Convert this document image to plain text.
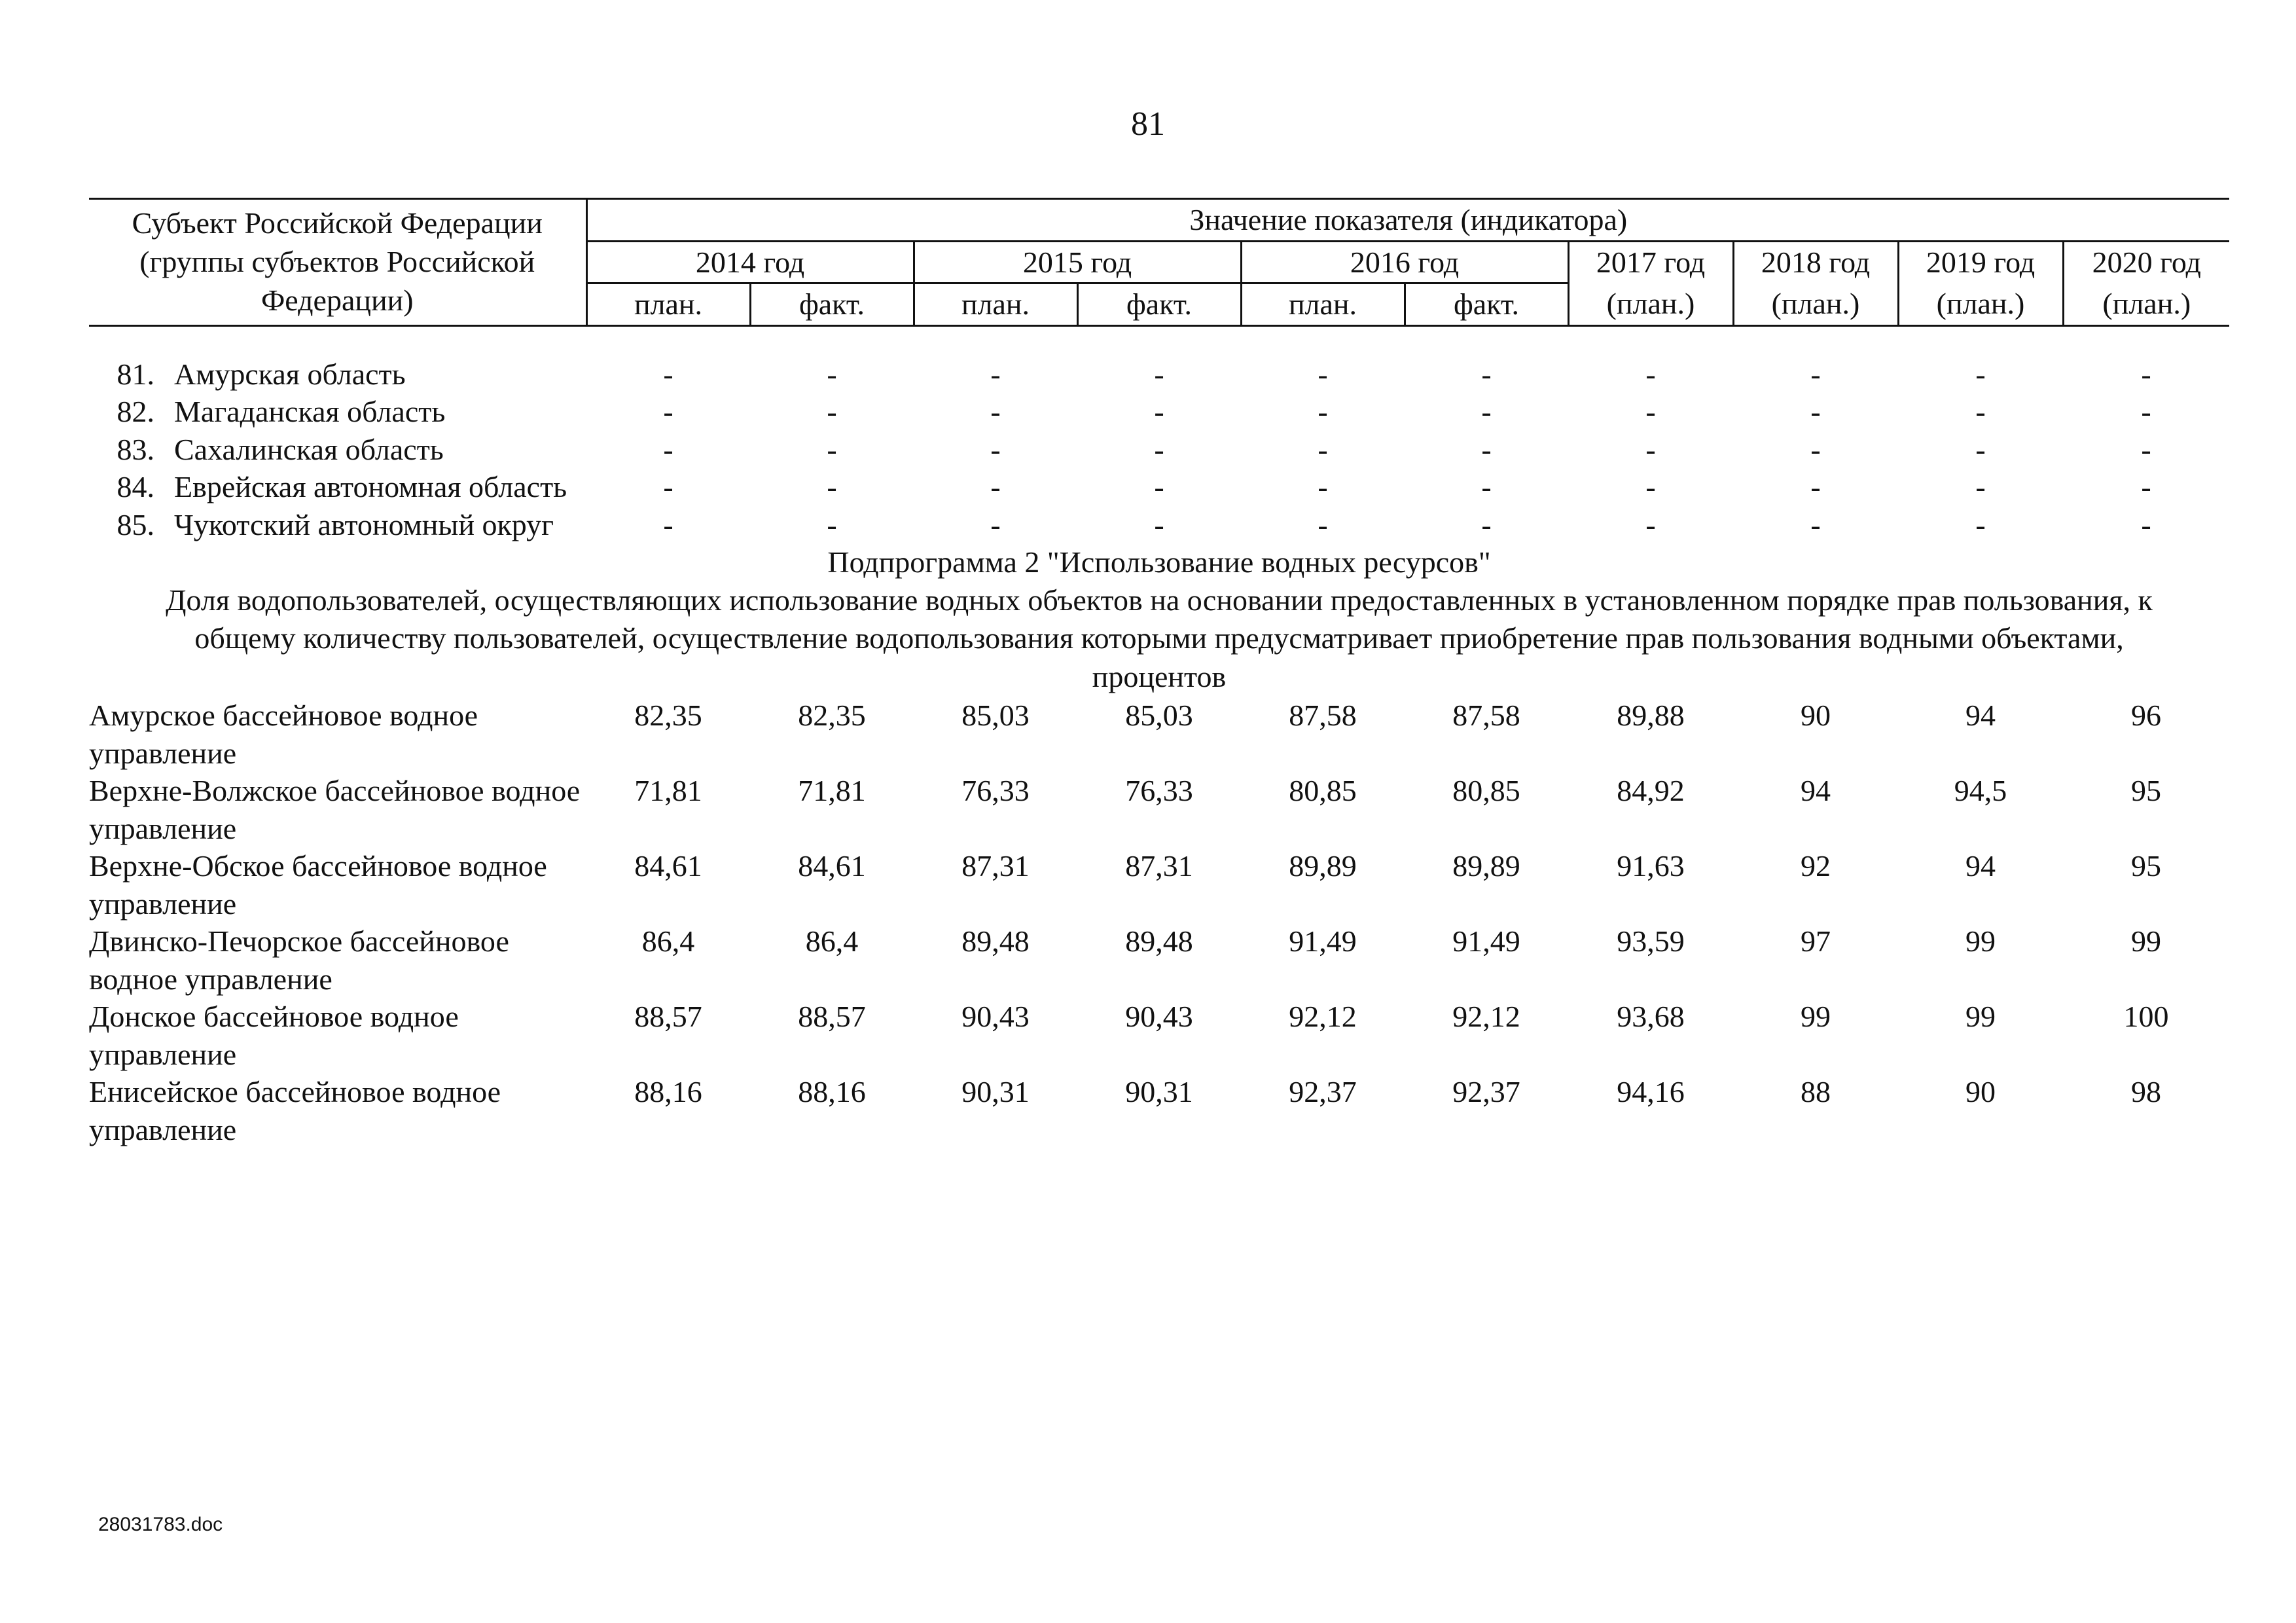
81
Субъект Российской Федерации (группы субъектов Российской Федерации)	Значение показателя (индикатора)									
	2014 год		2015 год		2016 год		2017 год	2018 год	2019 год	2020 год
	план.	факт.	план.	факт.	план.	факт.	(план.)	(план.)	(план.)	(план.)

81. Амурская область	-	-	-	-	-	-	-	-	-	-
82. Магаданская область	-	-	-	-	-	-	-	-	-	-
83. Сахалинская область	-	-	-	-	-	-	-	-	-	-
84. Еврейская автономная область	-	-	-	-	-	-	-	-	-	-
85. Чукотский автономный округ	-	-	-	-	-	-	-	-	-	-
Подпрограмма 2 "Использование водных ресурсов"										
Доля водопользователей, осуществляющих использование водных объектов на основании предоставленных в установленном порядке прав пользования, к общему количеству пользователей, осуществление водопользования которыми предусматривает приобретение прав пользования водными объектами, процентов										
Амурское бассейновое водное управление	82,35	82,35	85,03	85,03	87,58	87,58	89,88	90	94	96
Верхне-Волжское бассейновое водное управление	71,81	71,81	76,33	76,33	80,85	80,85	84,92	94	94,5	95
Верхне-Обское бассейновое водное управление	84,61	84,61	87,31	87,31	89,89	89,89	91,63	92	94	95
Двинско-Печорское бассейновое водное управление	86,4	86,4	89,48	89,48	91,49	91,49	93,59	97	99	99
Донское бассейновое водное управление	88,57	88,57	90,43	90,43	92,12	92,12	93,68	99	99	100
Енисейское бассейновое водное управление	88,16	88,16	90,31	90,31	92,37	92,37	94,16	88	90	98
28031783.doc
